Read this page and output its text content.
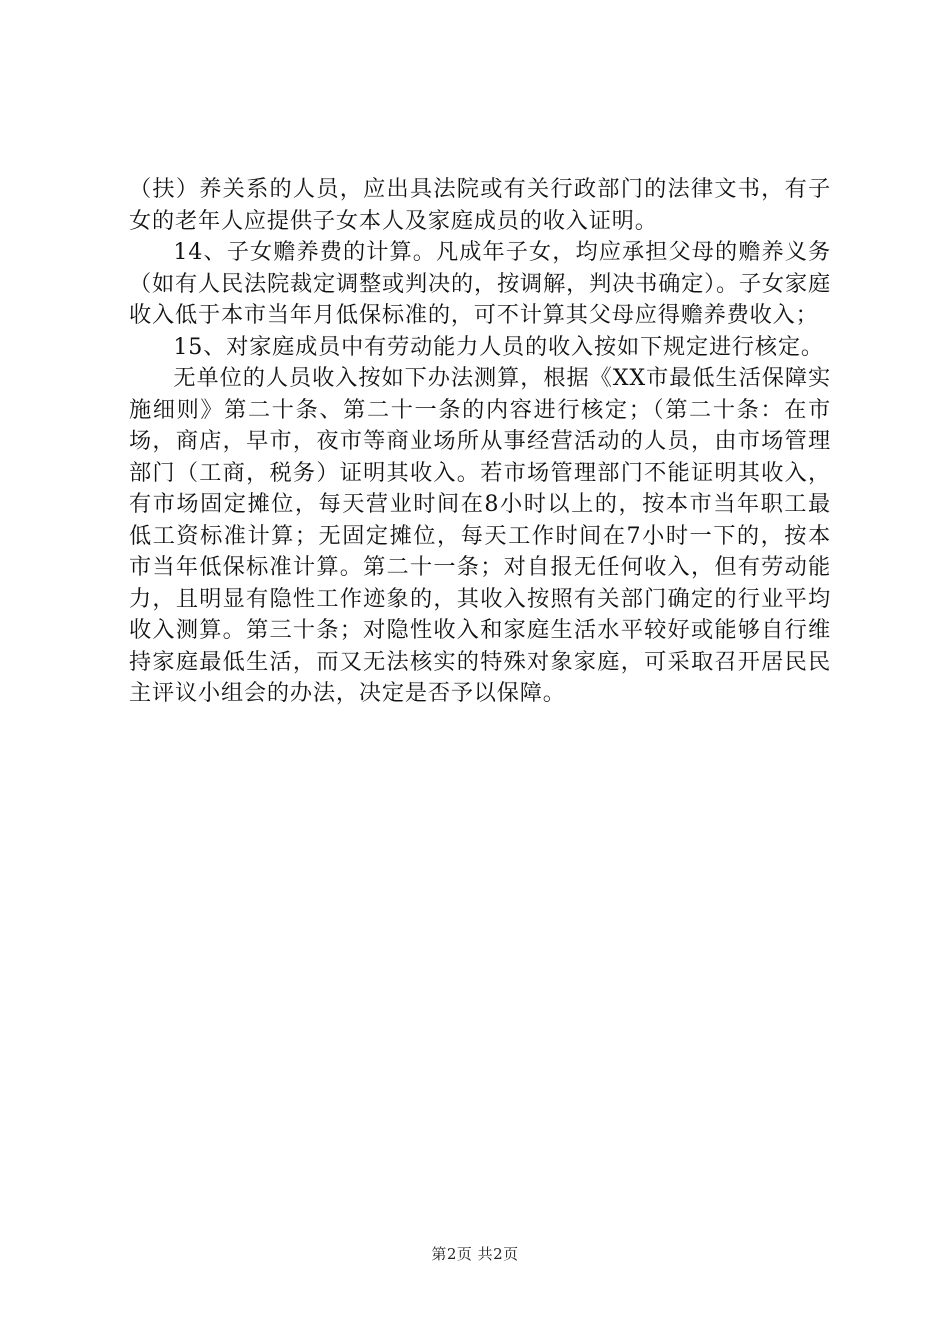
（扶）养关系的人员，应出具法院或有关行政部门的法律文书，有子女的老年人应提供子女本人及家庭成员的收入证明。

14、子女赡养费的计算。凡成年子女，均应承担父母的赡养义务（如有人民法院裁定调整或判决的，按调解，判决书确定）。子女家庭收入低于本市当年月低保标准的，可不计算其父母应得赡养费收入；

15、对家庭成员中有劳动能力人员的收入按如下规定进行核定。

无单位的人员收入按如下办法测算，根据《XX市最低生活保障实施细则》第二十条、第二十一条的内容进行核定；（第二十条：在市场，商店，早市，夜市等商业场所从事经营活动的人员，由市场管理部门（工商，税务）证明其收入。若市场管理部门不能证明其收入，有市场固定摊位，每天营业时间在8小时以上的，按本市当年职工最低工资标准计算；无固定摊位，每天工作时间在7小时一下的，按本市当年低保标准计算。第二十一条；对自报无任何收入，但有劳动能力，且明显有隐性工作迹象的，其收入按照有关部门确定的行业平均收入测算。第三十条；对隐性收入和家庭生活水平较好或能够自行维持家庭最低生活，而又无法核实的特殊对象家庭，可采取召开居民民主评议小组会的办法，决定是否予以保障。

第2页 共2页
